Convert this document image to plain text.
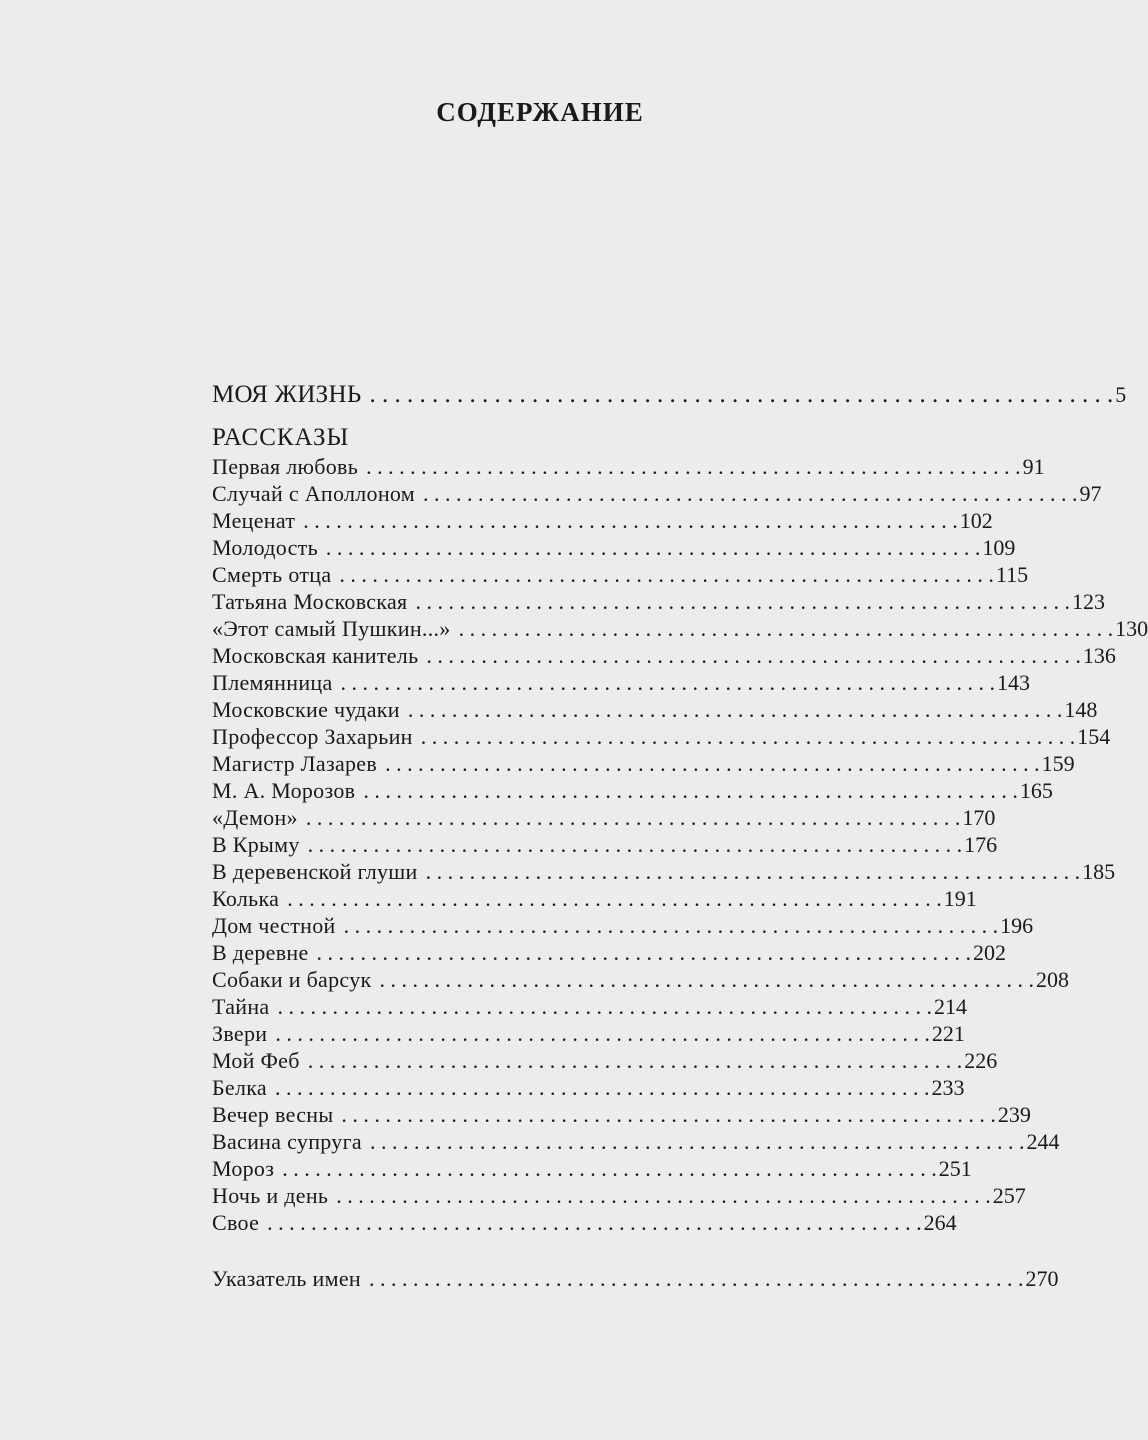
СОДЕРЖАНИЕ
МОЯ ЖИЗНЬ . . . . . . . . . . . . . . . . . . . . . . . . . . . . . . . . . . . . . . . . . . . . . . . . . . . . . . . . . . . . 5
РАССКАЗЫ
Первая любовь . . . . . . . . . . . . . . . . . . . . . . . . . . . . . . . . . . . . . . . . . . . . . . . . . . . . . . . . . . . . 91
Случай с Аполлоном . . . . . . . . . . . . . . . . . . . . . . . . . . . . . . . . . . . . . . . . . . . . . . . . . . . . . . . . . . . . 97
Меценат . . . . . . . . . . . . . . . . . . . . . . . . . . . . . . . . . . . . . . . . . . . . . . . . . . . . . . . . . . . . 102
Молодость . . . . . . . . . . . . . . . . . . . . . . . . . . . . . . . . . . . . . . . . . . . . . . . . . . . . . . . . . . . . 109
Смерть отца . . . . . . . . . . . . . . . . . . . . . . . . . . . . . . . . . . . . . . . . . . . . . . . . . . . . . . . . . . . . 115
Татьяна Московская . . . . . . . . . . . . . . . . . . . . . . . . . . . . . . . . . . . . . . . . . . . . . . . . . . . . . . . . . . . . 123
«Этот самый Пушкин...» . . . . . . . . . . . . . . . . . . . . . . . . . . . . . . . . . . . . . . . . . . . . . . . . . . . . . . . . . . . . 130
Московская канитель . . . . . . . . . . . . . . . . . . . . . . . . . . . . . . . . . . . . . . . . . . . . . . . . . . . . . . . . . . . . 136
Племянница . . . . . . . . . . . . . . . . . . . . . . . . . . . . . . . . . . . . . . . . . . . . . . . . . . . . . . . . . . . . 143
Московские чудаки . . . . . . . . . . . . . . . . . . . . . . . . . . . . . . . . . . . . . . . . . . . . . . . . . . . . . . . . . . . . 148
Профессор Захарьин . . . . . . . . . . . . . . . . . . . . . . . . . . . . . . . . . . . . . . . . . . . . . . . . . . . . . . . . . . . . 154
Магистр Лазарев . . . . . . . . . . . . . . . . . . . . . . . . . . . . . . . . . . . . . . . . . . . . . . . . . . . . . . . . . . . . 159
М. А. Морозов . . . . . . . . . . . . . . . . . . . . . . . . . . . . . . . . . . . . . . . . . . . . . . . . . . . . . . . . . . . . 165
«Демон» . . . . . . . . . . . . . . . . . . . . . . . . . . . . . . . . . . . . . . . . . . . . . . . . . . . . . . . . . . . . 170
В Крыму . . . . . . . . . . . . . . . . . . . . . . . . . . . . . . . . . . . . . . . . . . . . . . . . . . . . . . . . . . . . 176
В деревенской глуши . . . . . . . . . . . . . . . . . . . . . . . . . . . . . . . . . . . . . . . . . . . . . . . . . . . . . . . . . . . . 185
Колька . . . . . . . . . . . . . . . . . . . . . . . . . . . . . . . . . . . . . . . . . . . . . . . . . . . . . . . . . . . . 191
Дом честной . . . . . . . . . . . . . . . . . . . . . . . . . . . . . . . . . . . . . . . . . . . . . . . . . . . . . . . . . . . . 196
В деревне . . . . . . . . . . . . . . . . . . . . . . . . . . . . . . . . . . . . . . . . . . . . . . . . . . . . . . . . . . . . 202
Собаки и барсук . . . . . . . . . . . . . . . . . . . . . . . . . . . . . . . . . . . . . . . . . . . . . . . . . . . . . . . . . . . . 208
Тайна . . . . . . . . . . . . . . . . . . . . . . . . . . . . . . . . . . . . . . . . . . . . . . . . . . . . . . . . . . . . 214
Звери . . . . . . . . . . . . . . . . . . . . . . . . . . . . . . . . . . . . . . . . . . . . . . . . . . . . . . . . . . . . 221
Мой Феб . . . . . . . . . . . . . . . . . . . . . . . . . . . . . . . . . . . . . . . . . . . . . . . . . . . . . . . . . . . . 226
Белка . . . . . . . . . . . . . . . . . . . . . . . . . . . . . . . . . . . . . . . . . . . . . . . . . . . . . . . . . . . . 233
Вечер весны . . . . . . . . . . . . . . . . . . . . . . . . . . . . . . . . . . . . . . . . . . . . . . . . . . . . . . . . . . . . 239
Васина супруга . . . . . . . . . . . . . . . . . . . . . . . . . . . . . . . . . . . . . . . . . . . . . . . . . . . . . . . . . . . . 244
Мороз . . . . . . . . . . . . . . . . . . . . . . . . . . . . . . . . . . . . . . . . . . . . . . . . . . . . . . . . . . . . 251
Ночь и день . . . . . . . . . . . . . . . . . . . . . . . . . . . . . . . . . . . . . . . . . . . . . . . . . . . . . . . . . . . . 257
Свое . . . . . . . . . . . . . . . . . . . . . . . . . . . . . . . . . . . . . . . . . . . . . . . . . . . . . . . . . . . . 264
Указатель имен . . . . . . . . . . . . . . . . . . . . . . . . . . . . . . . . . . . . . . . . . . . . . . . . . . . . . . . . . . . . 270
